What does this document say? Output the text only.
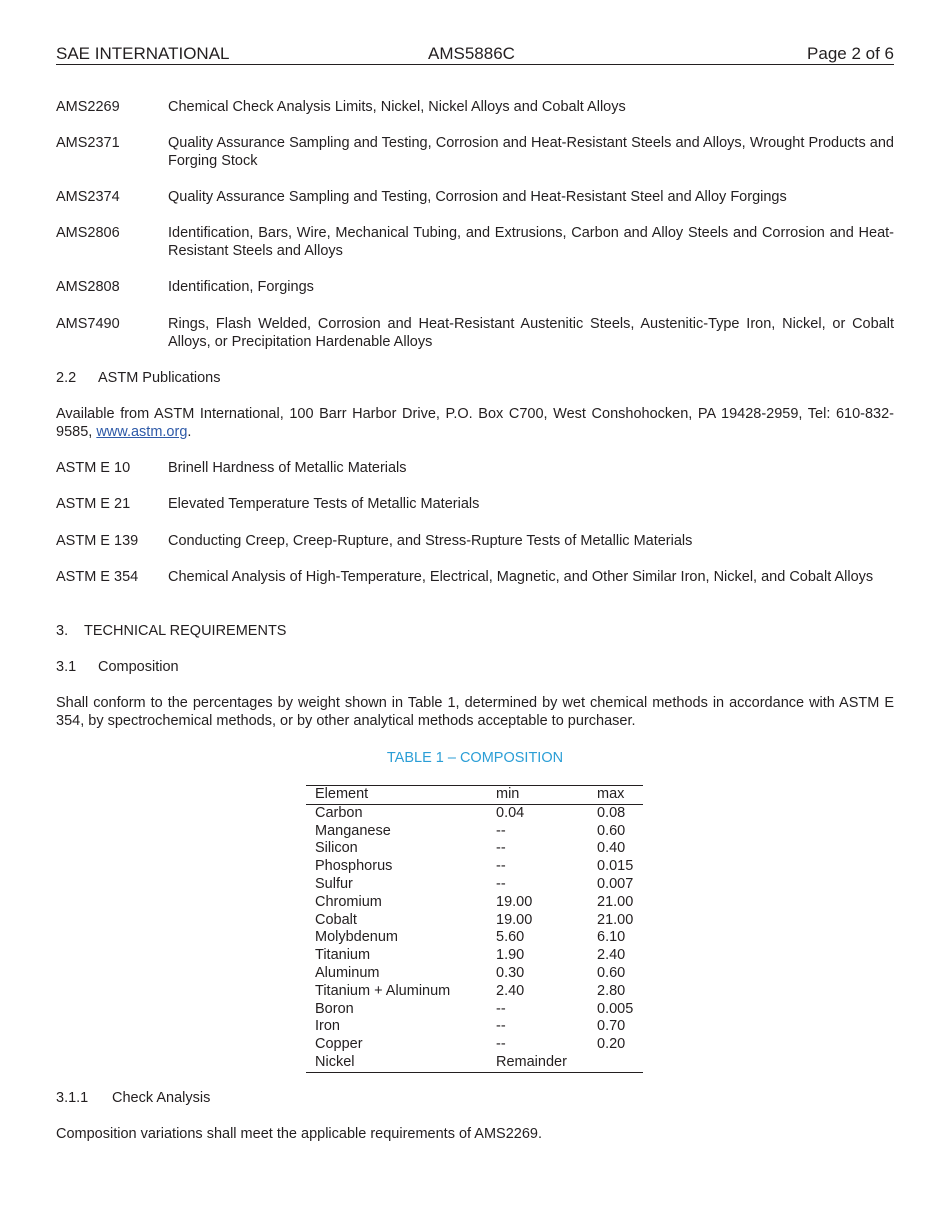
SAE INTERNATIONAL	AMS5886C	Page 2 of 6
AMS2269	Chemical Check Analysis Limits, Nickel, Nickel Alloys and Cobalt Alloys
AMS2371	Quality Assurance Sampling and Testing, Corrosion and Heat-Resistant Steels and Alloys, Wrought Products and Forging Stock
AMS2374	Quality Assurance Sampling and Testing, Corrosion and Heat-Resistant Steel and Alloy Forgings
AMS2806	Identification, Bars, Wire, Mechanical Tubing, and Extrusions, Carbon and Alloy Steels and Corrosion and Heat-Resistant Steels and Alloys
AMS2808	Identification, Forgings
AMS7490	Rings, Flash Welded, Corrosion and Heat-Resistant Austenitic Steels, Austenitic-Type Iron, Nickel, or Cobalt Alloys, or Precipitation Hardenable Alloys
2.2 ASTM Publications
Available from ASTM International, 100 Barr Harbor Drive, P.O. Box C700, West Conshohocken, PA 19428-2959, Tel: 610-832-9585, www.astm.org.
ASTM E 10	Brinell Hardness of Metallic Materials
ASTM E 21	Elevated Temperature Tests of Metallic Materials
ASTM E 139	Conducting Creep, Creep-Rupture, and Stress-Rupture Tests of Metallic Materials
ASTM E 354	Chemical Analysis of High-Temperature, Electrical, Magnetic, and Other Similar Iron, Nickel, and Cobalt Alloys
3. TECHNICAL REQUIREMENTS
3.1 Composition
Shall conform to the percentages by weight shown in Table 1, determined by wet chemical methods in accordance with ASTM E 354, by spectrochemical methods, or by other analytical methods acceptable to purchaser.
TABLE 1 – COMPOSITION
Element	min	max
Carbon	0.04	0.08
Manganese	--	0.60
Silicon	--	0.40
Phosphorus	--	0.015
Sulfur	--	0.007
Chromium	19.00	21.00
Cobalt	19.00	21.00
Molybdenum	5.60	6.10
Titanium	1.90	2.40
Aluminum	0.30	0.60
Titanium + Aluminum	2.40	2.80
Boron	--	0.005
Iron	--	0.70
Copper	--	0.20
Nickel	Remainder	
3.1.1 Check Analysis
Composition variations shall meet the applicable requirements of AMS2269.
